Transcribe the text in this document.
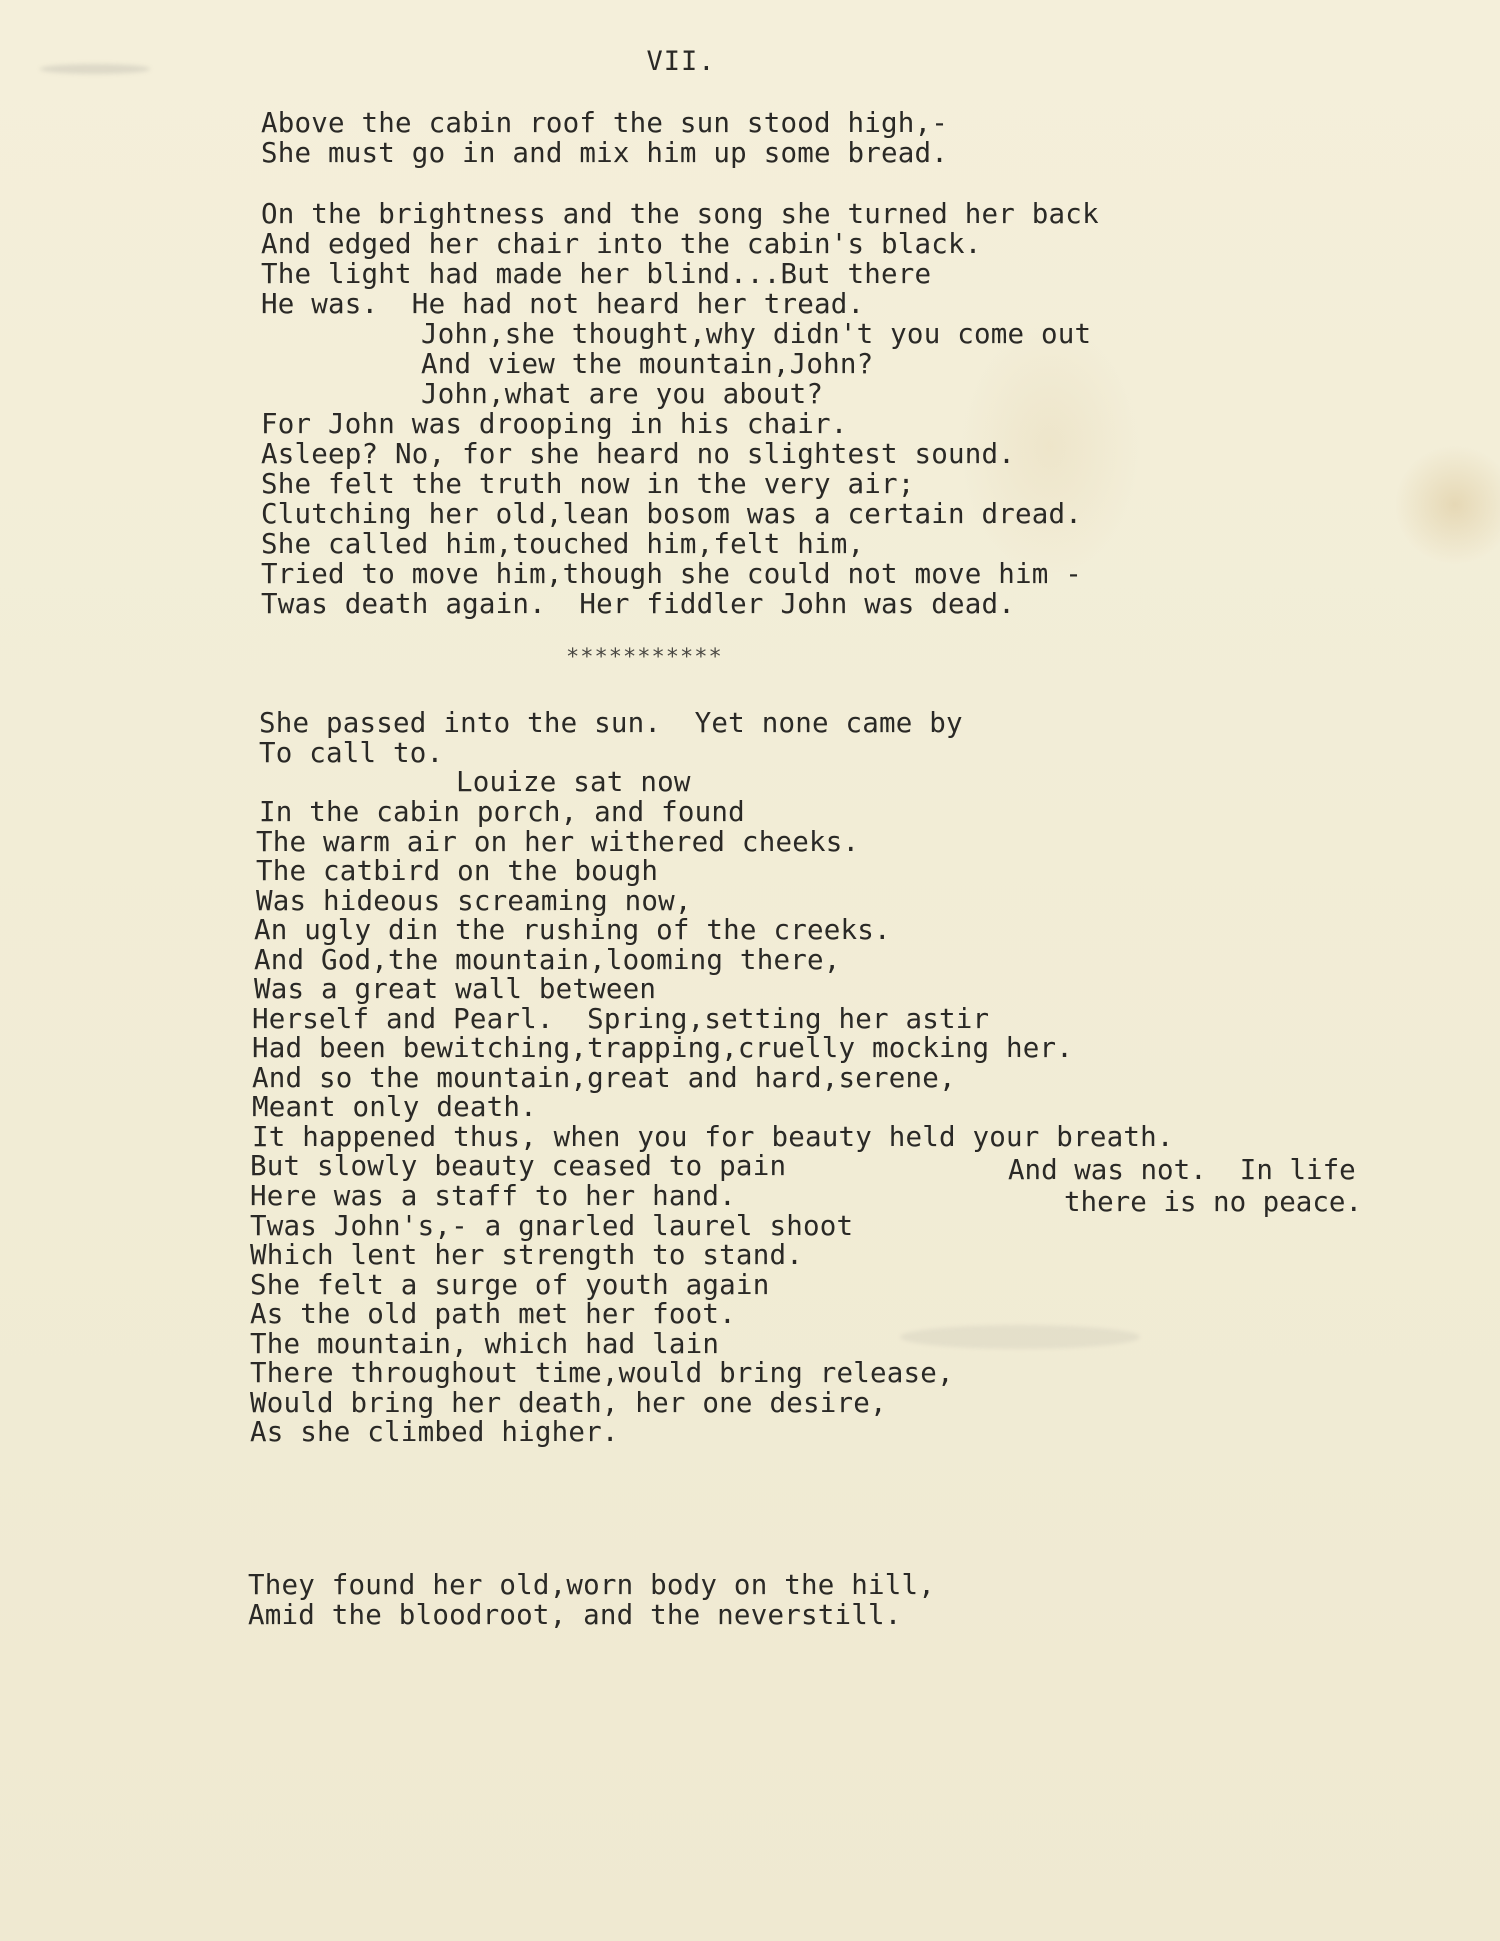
VII.
Above the cabin roof the sun stood high,-
She must go in and mix him up some bread.
On the brightness and the song she turned her back
And edged her chair into the cabin's black.
The light had made her blind...But there
He was.  He had not heard her tread.
John,she thought,why didn't you come out
And view the mountain,John?
John,what are you about?
For John was drooping in his chair.
Asleep? No, for she heard no slightest sound.
She felt the truth now in the very air;
Clutching her old,lean bosom was a certain dread.
She called him,touched him,felt him,
Tried to move him,though she could not move him -
Twas death again.  Her fiddler John was dead.
***********
She passed into the sun.  Yet none came by
To call to.
Louize sat now
In the cabin porch, and found
The warm air on her withered cheeks.
The catbird on the bough
Was hideous screaming now,
An ugly din the rushing of the creeks.
And God,the mountain,looming there,
Was a great wall between
Herself and Pearl.  Spring,setting her astir
Had been bewitching,trapping,cruelly mocking her.
And so the mountain,great and hard,serene,
Meant only death.
It happened thus, when you for beauty held your breath.
But slowly beauty ceased to pain
Here was a staff to her hand.
Twas John's,- a gnarled laurel shoot
Which lent her strength to stand.
She felt a surge of youth again
As the old path met her foot.
The mountain, which had lain
There throughout time,would bring release,
Would bring her death, her one desire,
As she climbed higher.
And was not.  In life
there is no peace.
They found her old,worn body on the hill,
Amid the bloodroot, and the neverstill.
